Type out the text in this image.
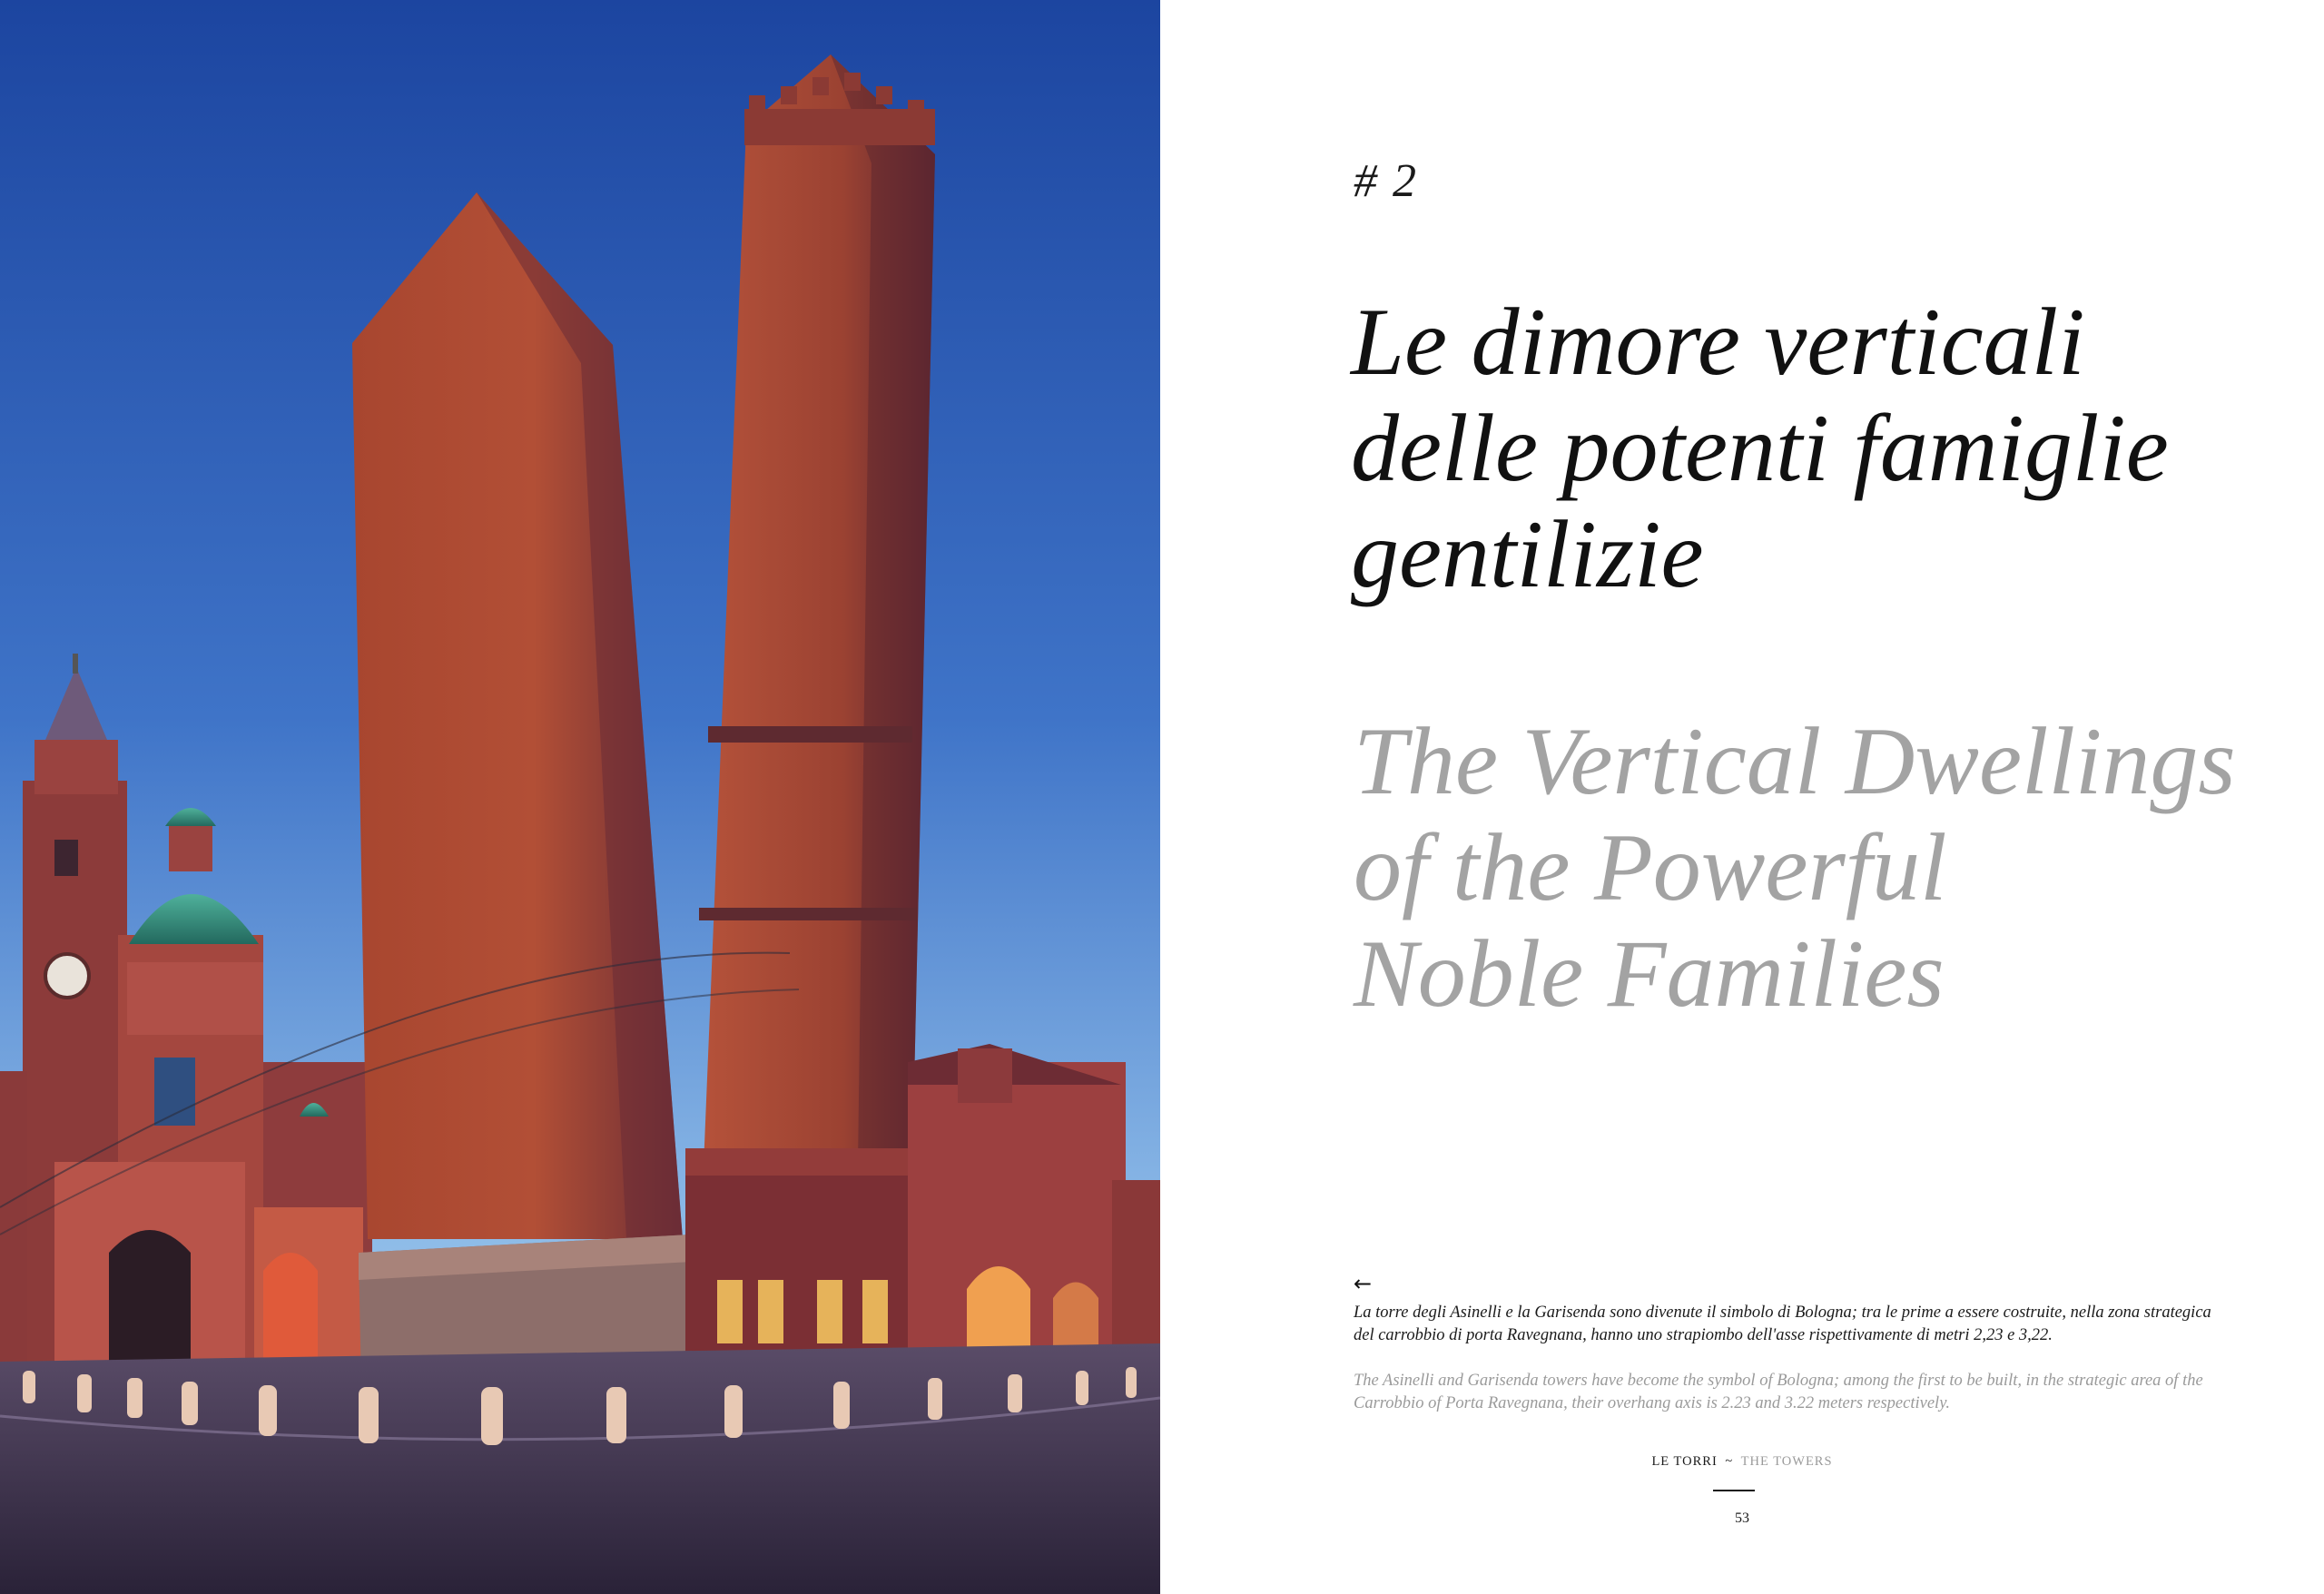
# 2
Le dimore verticali
delle potenti famiglie
gentilizie
The Vertical Dwellings
of the Powerful
Noble Families
←
La torre degli Asinelli e la Garisenda sono divenute il simbolo di Bologna; tra le prime a essere costruite, nella zona strategica del carrobbio di porta Ravegnana, hanno uno strapiombo dell'asse rispettivamente di metri 2,23 e 3,22.
The Asinelli and Garisenda towers have become the symbol of Bologna; among the first to be built, in the strategic area of the Carrobbio of Porta Ravegnana, their overhang axis is 2.23 and 3.22 meters respectively.
LE TORRI ~ THE TOWERS
53
